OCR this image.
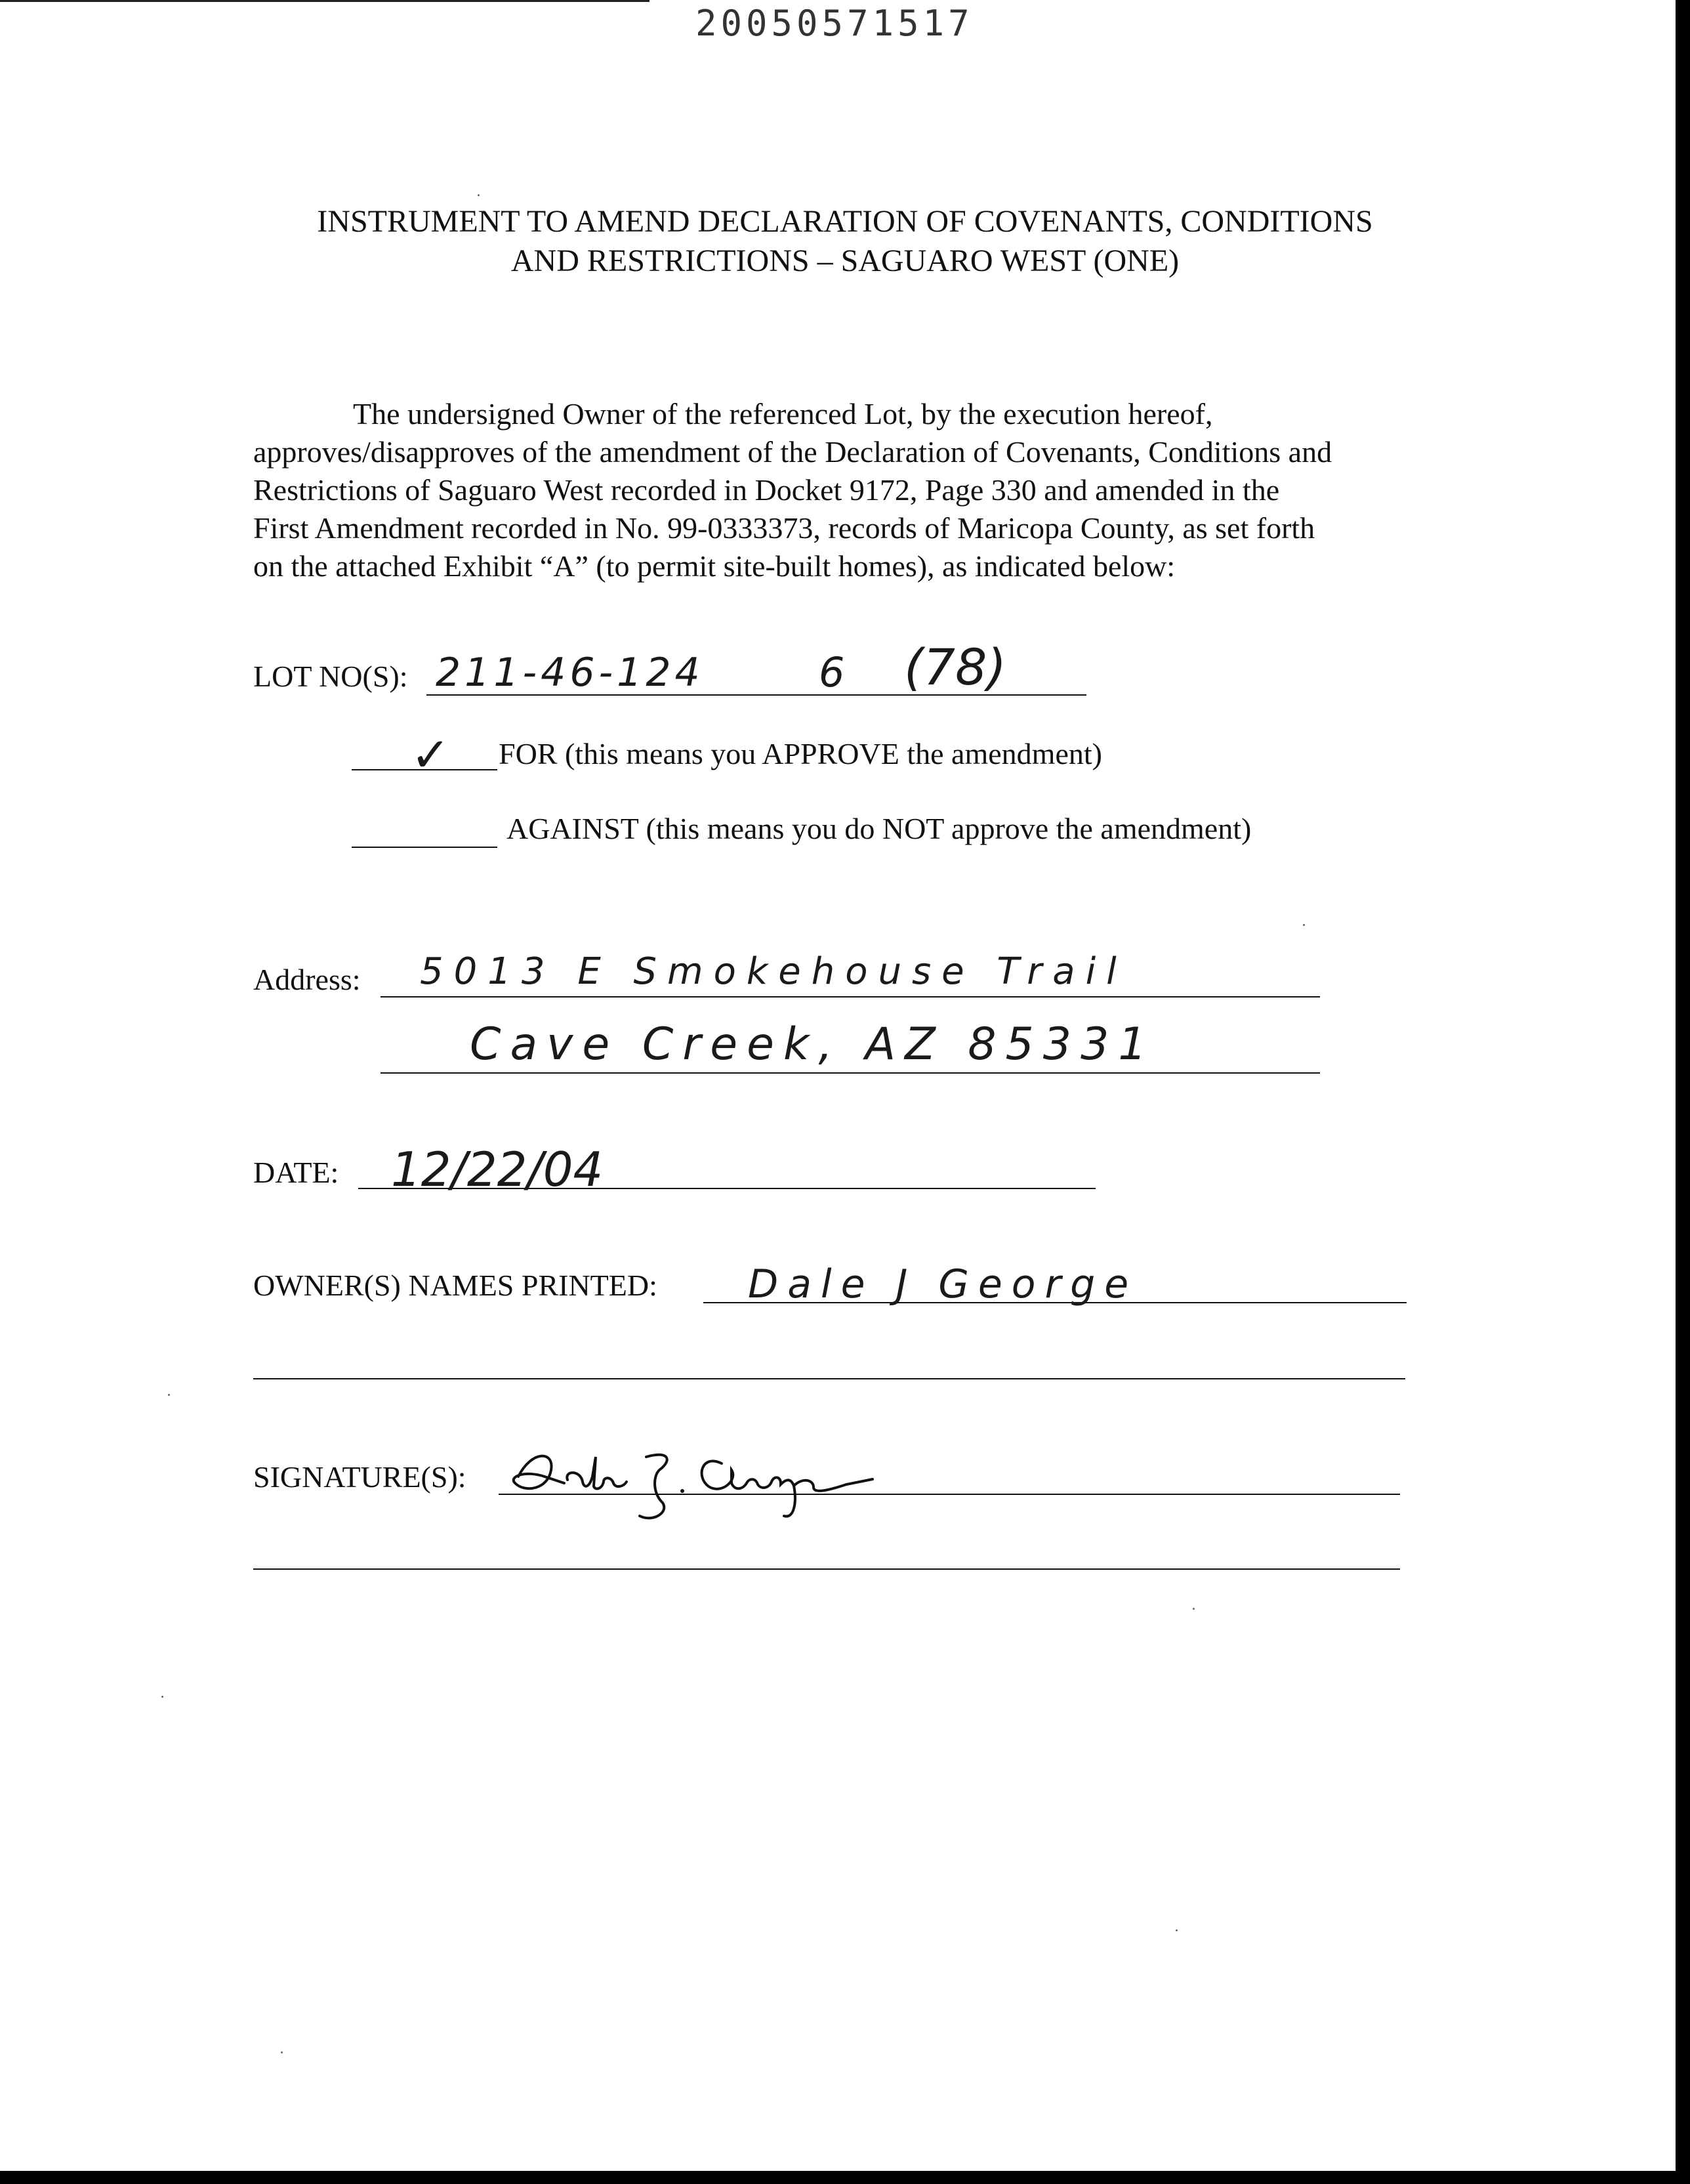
20050571517
INSTRUMENT TO AMEND DECLARATION OF COVENANTS, CONDITIONS
AND RESTRICTIONS – SAGUARO WEST (ONE)
The undersigned Owner of the referenced Lot, by the execution hereof,
approves/disapproves of the amendment of the Declaration of Covenants, Conditions and
Restrictions of Saguaro West recorded in Docket 9172, Page 330 and amended in the
First Amendment recorded in No. 99-0333373, records of Maricopa County, as set forth
on the attached Exhibit “A” (to permit site-built homes), as indicated below:
LOT NO(S): 211-46-124	6 (78)
✓ FOR (this means you APPROVE the amendment)
AGAINST (this means you do NOT approve the amendment)
Address: 5013 E Smokehouse Trail
Cave Creek, AZ 85331
DATE: 12/22/04
OWNER(S) NAMES PRINTED: Dale J George
SIGNATURE(S):
